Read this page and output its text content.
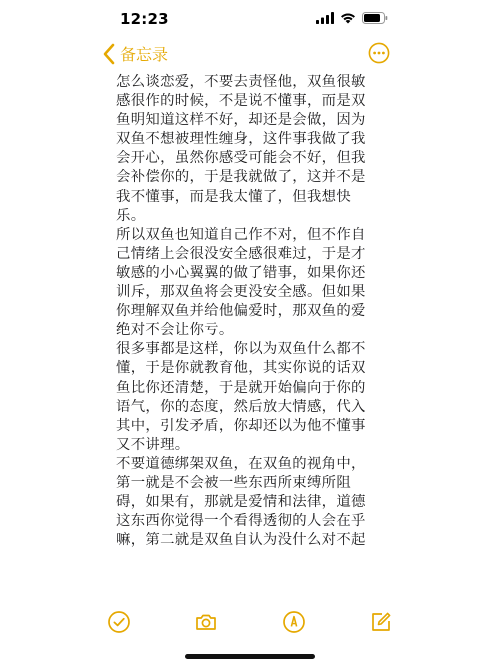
12:23
备忘录

怎么谈恋爱，不要去责怪他，双鱼很敏
感很作的时候，不是说不懂事，而是双
鱼明知道这样不好，却还是会做，因为
双鱼不想被理性缠身，这件事我做了我
会开心，虽然你感受可能会不好，但我
会补偿你的，于是我就做了，这并不是
我不懂事，而是我太懂了，但我想快
乐。

所以双鱼也知道自己作不对，但不作自
己情绪上会很没安全感很难过，于是才
敏感的小心翼翼的做了错事，如果你还
训斥，那双鱼将会更没安全感。但如果
你理解双鱼并给他偏爱时，那双鱼的爱
绝对不会让你亏。

很多事都是这样，你以为双鱼什么都不
懂，于是你就教育他，其实你说的话双
鱼比你还清楚，于是就开始偏向于你的
语气，你的态度，然后放大情感，代入
其中，引发矛盾，你却还以为他不懂事
又不讲理。

不要道德绑架双鱼，在双鱼的视角中，
第一就是不会被一些东西所束缚所阻
碍，如果有，那就是爱情和法律，道德
这东西你觉得一个看得透彻的人会在乎
嘛，第二就是双鱼自认为没什么对不起
